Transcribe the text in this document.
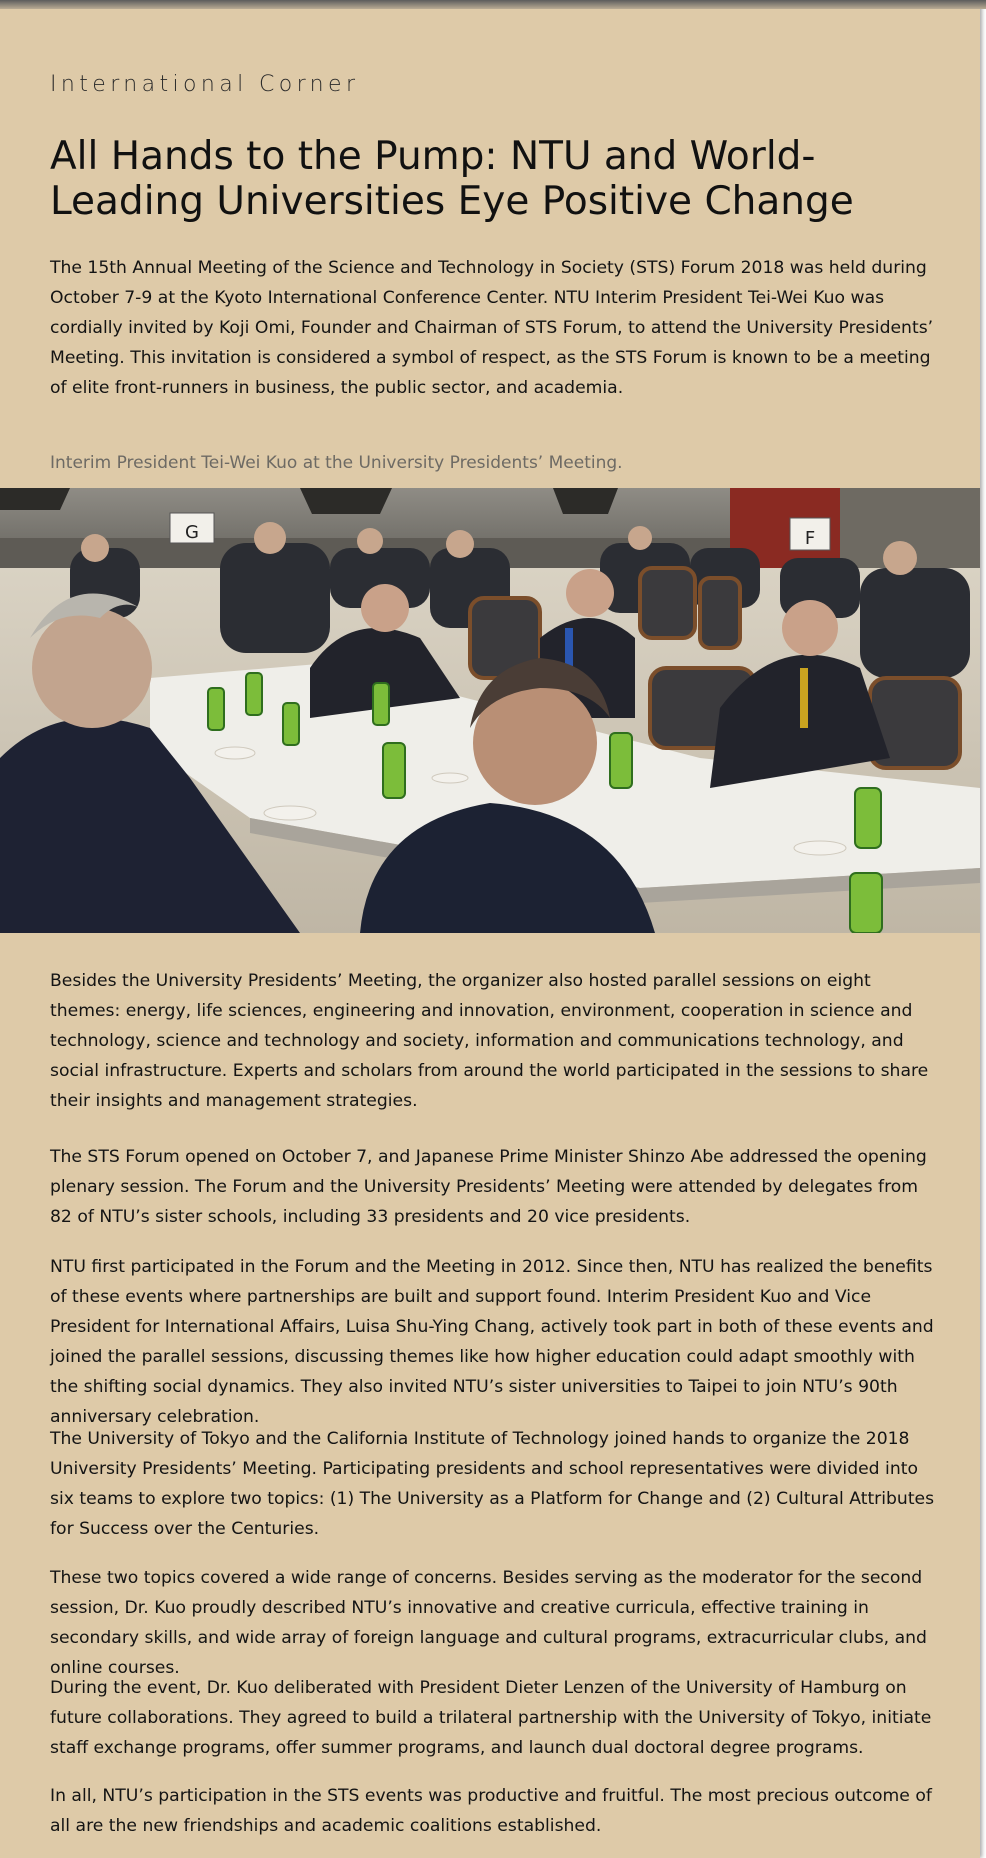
International Corner
All Hands to the Pump: NTU and World-Leading Universities Eye Positive Change

The 15th Annual Meeting of the Science and Technology in Society (STS) Forum 2018 was held during October 7-9 at the Kyoto International Conference Center. NTU Interim President Tei-Wei Kuo was cordially invited by Koji Omi, Founder and Chairman of STS Forum, to attend the University Presidents’ Meeting. This invitation is considered a symbol of respect, as the STS Forum is known to be a meeting of elite front-runners in business, the public sector, and academia.

Interim President Tei-Wei Kuo at the University Presidents’ Meeting.

G	F

Besides the University Presidents’ Meeting, the organizer also hosted parallel sessions on eight themes: energy, life sciences, engineering and innovation, environment, cooperation in science and technology, science and technology and society, information and communications technology, and social infrastructure. Experts and scholars from around the world participated in the sessions to share their insights and management strategies.

The STS Forum opened on October 7, and Japanese Prime Minister Shinzo Abe addressed the opening plenary session. The Forum and the University Presidents’ Meeting were attended by delegates from 82 of NTU’s sister schools, including 33 presidents and 20 vice presidents.

NTU first participated in the Forum and the Meeting in 2012. Since then, NTU has realized the benefits of these events where partnerships are built and support found. Interim President Kuo and Vice President for International Affairs, Luisa Shu-Ying Chang, actively took part in both of these events and joined the parallel sessions, discussing themes like how higher education could adapt smoothly with the shifting social dynamics. They also invited NTU’s sister universities to Taipei to join NTU’s 90th anniversary celebration.

The University of Tokyo and the California Institute of Technology joined hands to organize the 2018 University Presidents’ Meeting. Participating presidents and school representatives were divided into six teams to explore two topics: (1) The University as a Platform for Change and (2) Cultural Attributes for Success over the Centuries.

These two topics covered a wide range of concerns. Besides serving as the moderator for the second session, Dr. Kuo proudly described NTU’s innovative and creative curricula, effective training in secondary skills, and wide array of foreign language and cultural programs, extracurricular clubs, and online courses.

During the event, Dr. Kuo deliberated with President Dieter Lenzen of the University of Hamburg on future collaborations. They agreed to build a trilateral partnership with the University of Tokyo, initiate staff exchange programs, offer summer programs, and launch dual doctoral degree programs.

In all, NTU’s participation in the STS events was productive and fruitful. The most precious outcome of all are the new friendships and academic coalitions established.
